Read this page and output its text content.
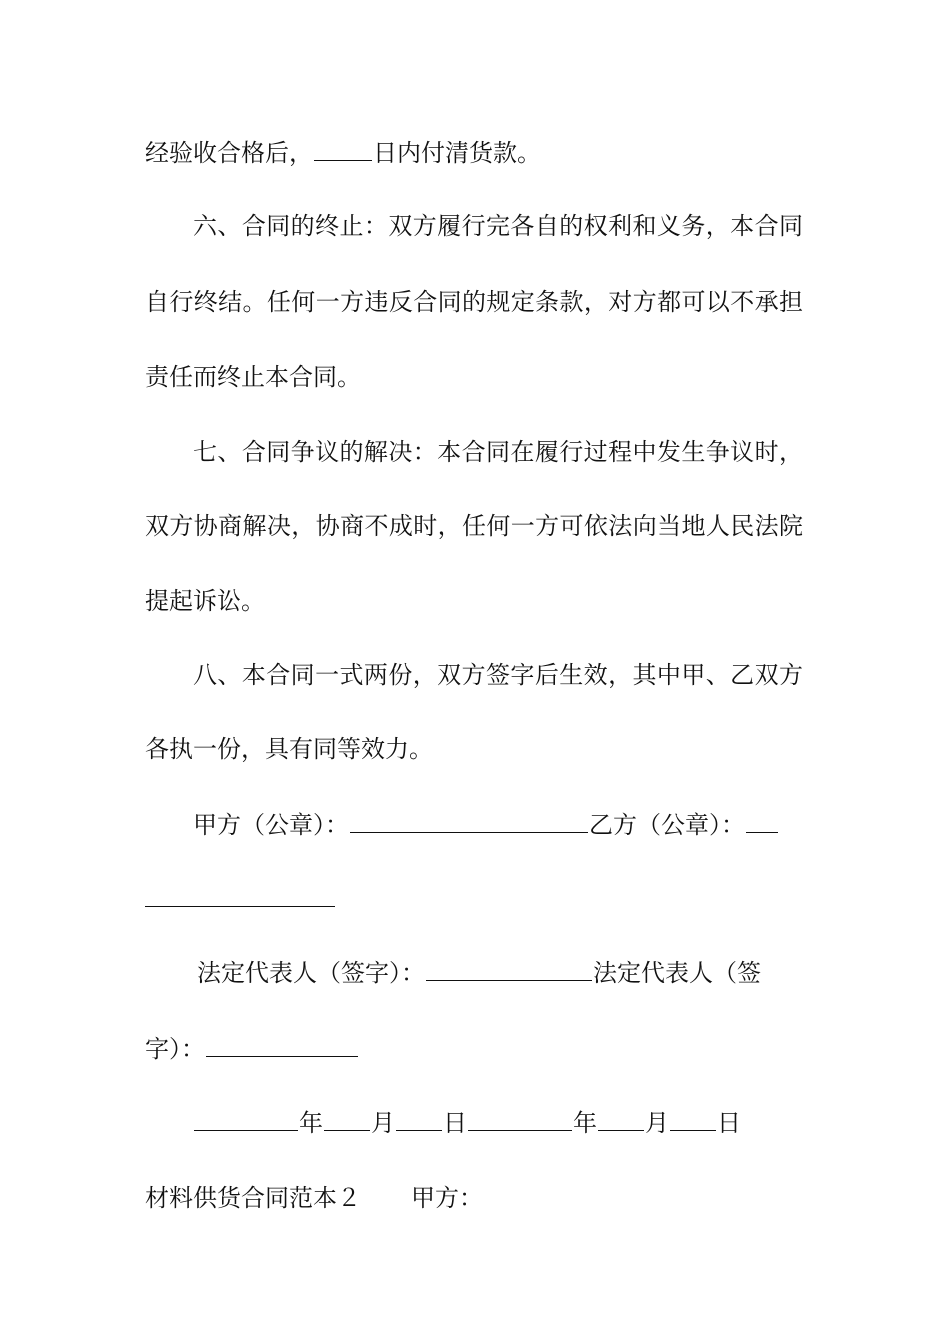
经验收合格后，	日内付清货款。
六、合同的终止：双方履行完各自的权利和义务，本合同
自行终结。任何一方违反合同的规定条款，对方都可以不承担
责任而终止本合同。
七、合同争议的解决：本合同在履行过程中发生争议时，
双方协商解决，协商不成时，任何一方可依法向当地人民法院
提起诉讼。
八、本合同一式两份，双方签字后生效，其中甲、乙双方
各执一份，具有同等效力。
甲方（公章）：	乙方（公章）：
法定代表人（签字）：	法定代表人（签
字）：
年 月 日	年 月 日
材料供货合同范本２ 甲方：
